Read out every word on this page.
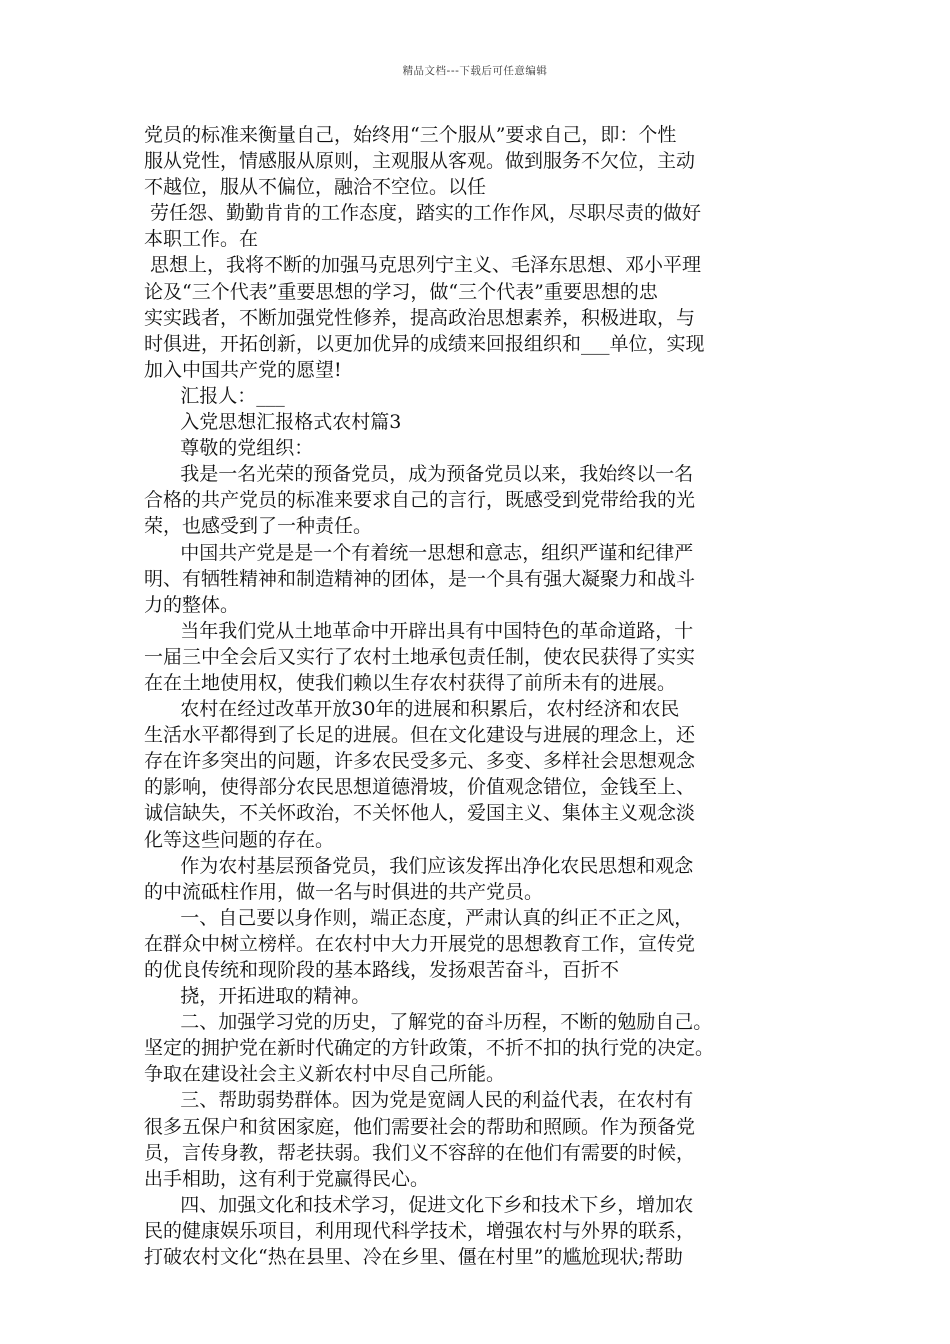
精品文档---下载后可任意编辑
党员的标准来衡量自己，始终用“三个服从”要求自己，即：个性
服从党性，情感服从原则，主观服从客观。做到服务不欠位，主动
不越位，服从不偏位，融洽不空位。以任
劳任怨、勤勤肯肯的工作态度，踏实的工作作风，尽职尽责的做好
本职工作。在
思想上，我将不断的加强马克思列宁主义、毛泽东思想、邓小平理
论及“三个代表”重要思想的学习，做“三个代表”重要思想的忠
实实践者，不断加强党性修养，提高政治思想素养，积极进取，与
时俱进，开拓创新，以更加优异的成绩来回报组织和___单位，实现
加入中国共产党的愿望!
汇报人：___
入党思想汇报格式农村篇3
尊敬的党组织：
我是一名光荣的预备党员，成为预备党员以来，我始终以一名
合格的共产党员的标准来要求自己的言行，既感受到党带给我的光
荣，也感受到了一种责任。
中国共产党是是一个有着统一思想和意志，组织严谨和纪律严
明、有牺牲精神和制造精神的团体，是一个具有强大凝聚力和战斗
力的整体。
当年我们党从土地革命中开辟出具有中国特色的革命道路，十
一届三中全会后又实行了农村土地承包责任制，使农民获得了实实
在在土地使用权，使我们赖以生存农村获得了前所未有的进展。
农村在经过改革开放30年的进展和积累后，农村经济和农民
生活水平都得到了长足的进展。但在文化建设与进展的理念上，还
存在许多突出的问题，许多农民受多元、多变、多样社会思想观念
的影响，使得部分农民思想道德滑坡，价值观念错位，金钱至上、
诚信缺失，不关怀政治，不关怀他人，爱国主义、集体主义观念淡
化等这些问题的存在。
作为农村基层预备党员，我们应该发挥出净化农民思想和观念
的中流砥柱作用，做一名与时俱进的共产党员。
一、自己要以身作则，端正态度，严肃认真的纠正不正之风，
在群众中树立榜样。在农村中大力开展党的思想教育工作，宣传党
的优良传统和现阶段的基本路线，发扬艰苦奋斗，百折不
挠，开拓进取的精神。
二、加强学习党的历史，了解党的奋斗历程，不断的勉励自己。
坚定的拥护党在新时代确定的方针政策，不折不扣的执行党的决定。
争取在建设社会主义新农村中尽自己所能。
三、帮助弱势群体。因为党是宽阔人民的利益代表，在农村有
很多五保户和贫困家庭，他们需要社会的帮助和照顾。作为预备党
员，言传身教，帮老扶弱。我们义不容辞的在他们有需要的时候，
出手相助，这有利于党赢得民心。
四、加强文化和技术学习，促进文化下乡和技术下乡，增加农
民的健康娱乐项目，利用现代科学技术，增强农村与外界的联系，
打破农村文化“热在县里、冷在乡里、僵在村里”的尴尬现状;帮助
